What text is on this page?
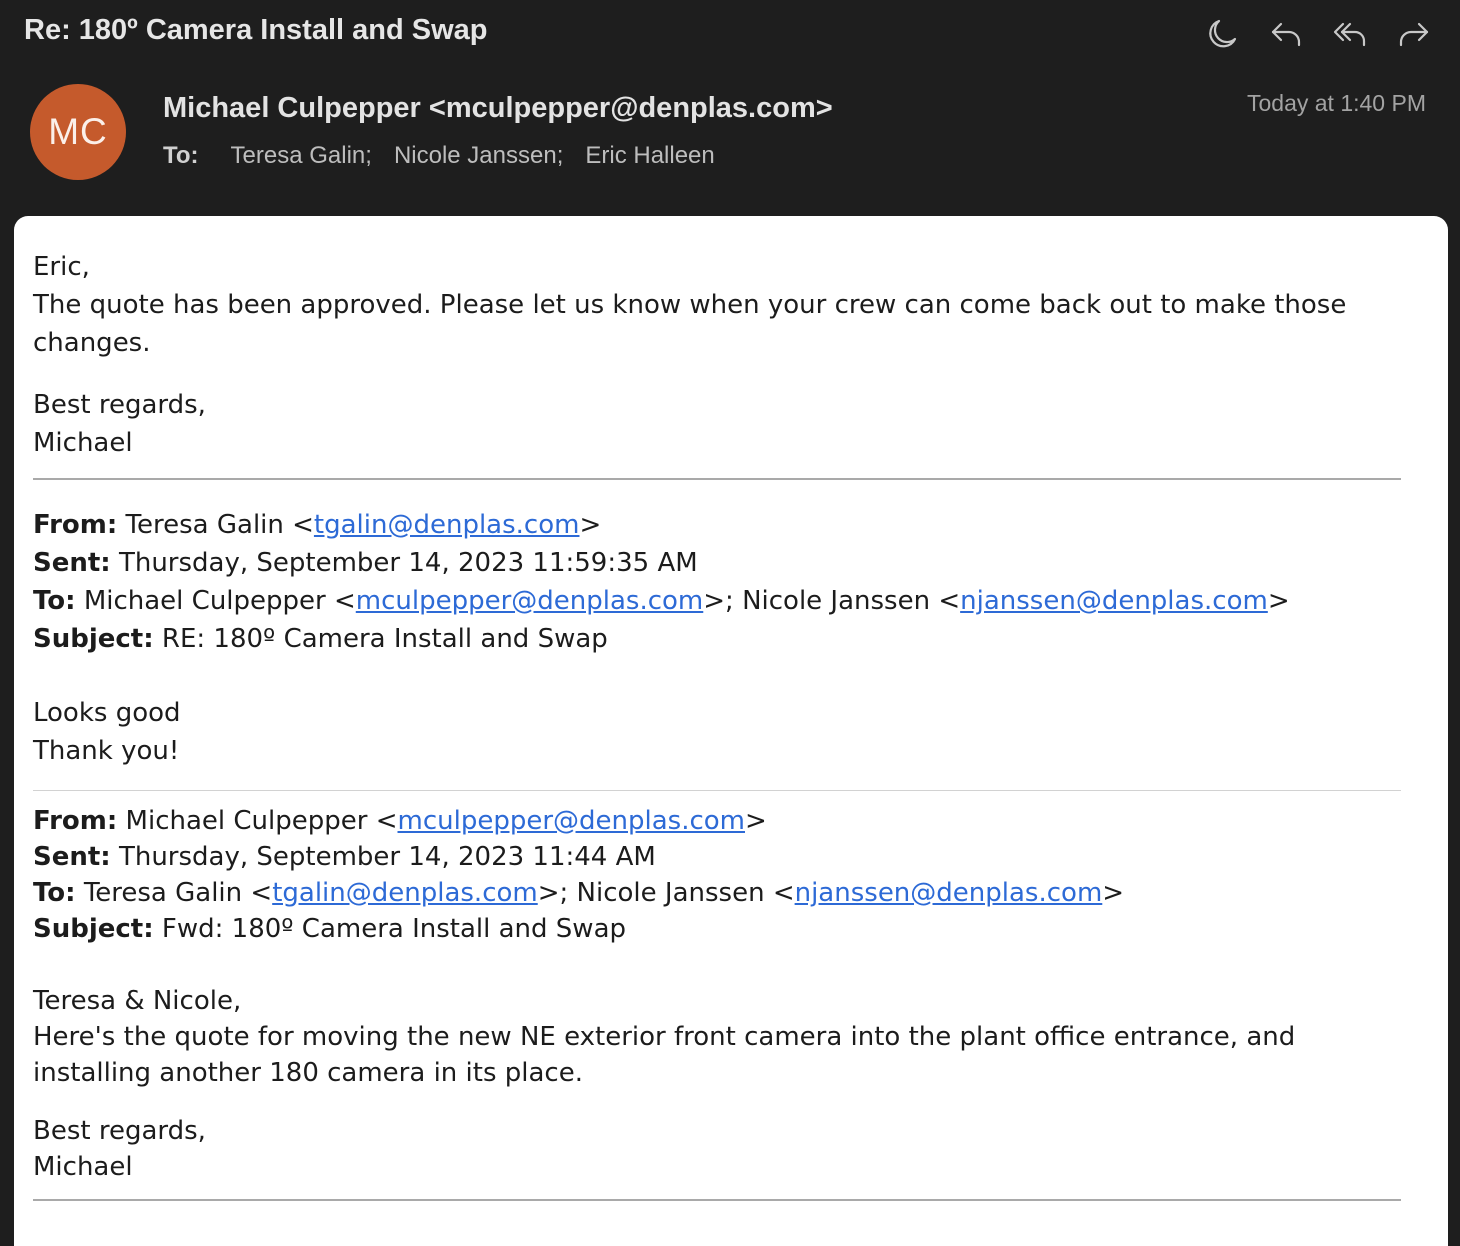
Re: 180º Camera Install and Swap
MC
Michael Culpepper <mculpepper@denplas.com>
To: Teresa Galin; Nicole Janssen; Eric Halleen
Today at 1:40 PM

Eric,

The quote has been approved. Please let us know when your crew can come back out to make those changes.

Best regards,

Michael

From: Teresa Galin <tgalin@denplas.com>

Sent: Thursday, September 14, 2023 11:59:35 AM

To: Michael Culpepper <mculpepper@denplas.com>; Nicole Janssen <njanssen@denplas.com>

Subject: RE: 180º Camera Install and Swap

Looks good

Thank you!

From: Michael Culpepper <mculpepper@denplas.com>

Sent: Thursday, September 14, 2023 11:44 AM

To: Teresa Galin <tgalin@denplas.com>; Nicole Janssen <njanssen@denplas.com>

Subject: Fwd: 180º Camera Install and Swap

Teresa & Nicole,

Here's the quote for moving the new NE exterior front camera into the plant office entrance, and installing another 180 camera in its place.

Best regards,

Michael
